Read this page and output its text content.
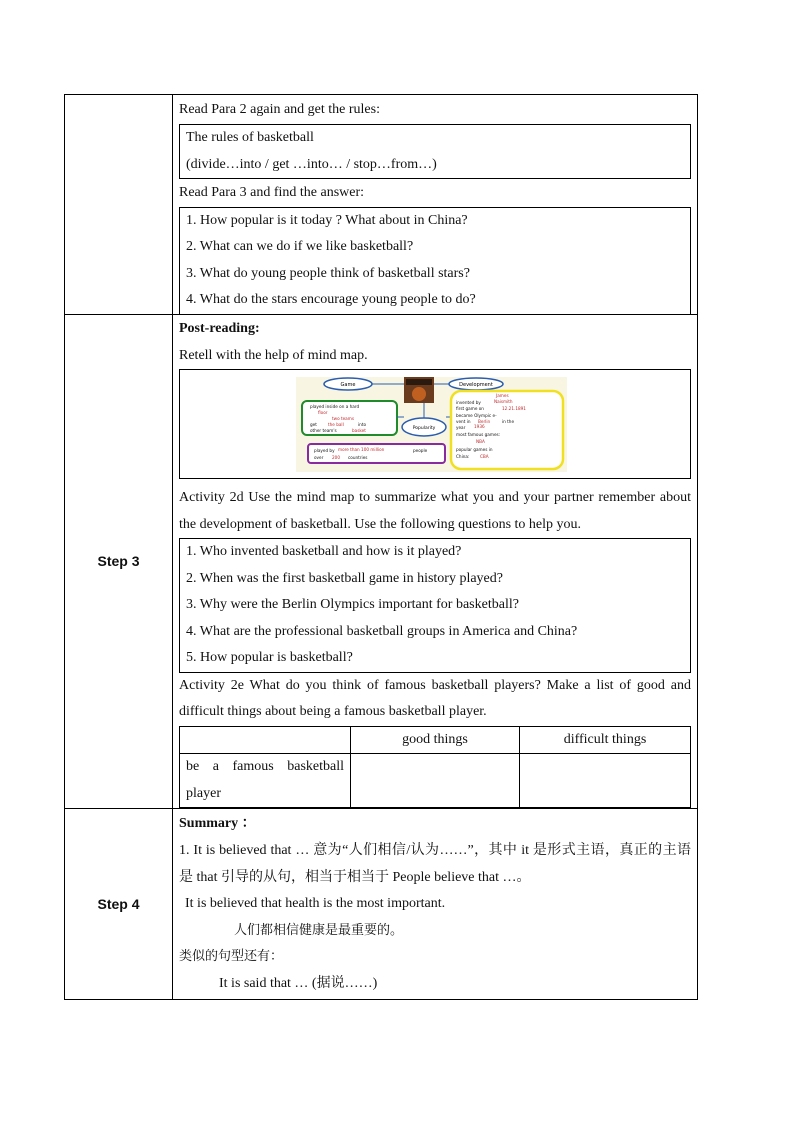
Read Para 2 again and get the rules:
The rules of basketball
(divide…into / get …into… / stop…from…)
Read Para 3 and find the answer:
1. How popular is it today ? What about in China?
2. What can we do if we like basketball?
3. What do young people think of basketball stars?
4. What do the stars encourage young people to do?

Step 3	
Post-reading:
Retell with the help of mind map.
Game	Development
played inside on a hard floor two teams get	the ball	into other team's	basket	Popularity
played by more than 100 million	people over 200 countries
James invented by	Naismith first game on	12.21.1891 became Olympic e- vent in Berlin	in the year 1936 most famous games: NBA popular games in China:	CBA
Activity 2d Use the mind map to summarize what you and your partner remember about the development of basketball. Use the following questions to help you.
1. Who invented basketball and how is it played?
2. When was the first basketball game in history played?
3. Why were the Berlin Olympics important for basketball?
4. What are the professional basketball groups in America and China?
5. How popular is basketball?
Activity 2e What do you think of famous basketball players? Make a list of good and difficult things about being a famous basketball player.
	good things	difficult things
be a famous basketball player		

Step 4	
Summary ：
1. It is believed that … 意为“人们相信/认为……”，其中 it 是形式主语，真正的主语是 that 引导的从句，相当于相当于 People believe that …。
It is believed that health is the most important.
人们都相信健康是最重要的。
类似的句型还有：
It is said that … (据说……)
